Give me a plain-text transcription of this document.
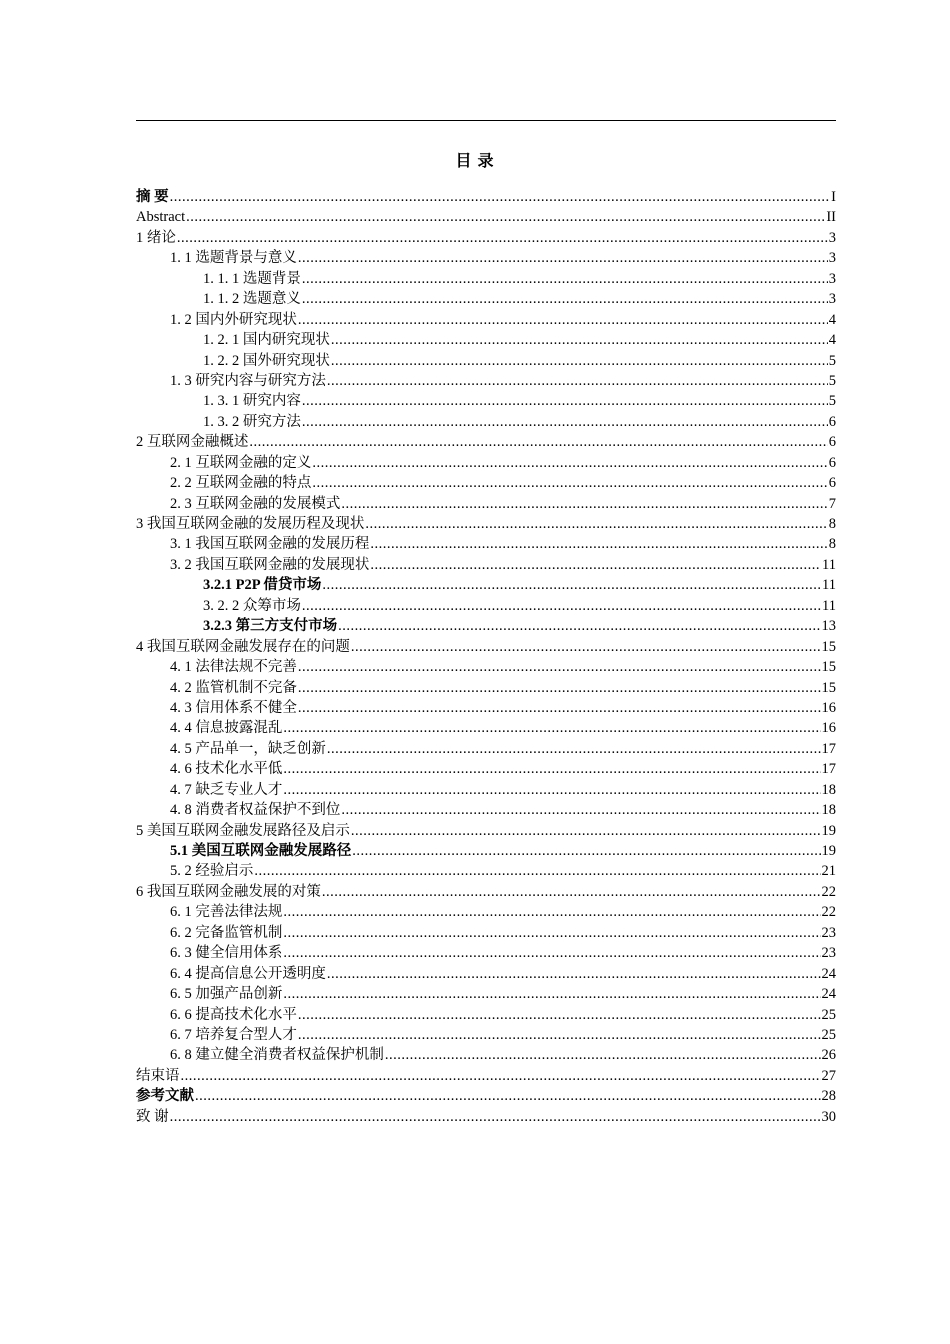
目 录
摘 要 .....	I
Abstract .....	II
1 绪论 .....	3
1. 1 选题背景与意义 .....	3
1. 1. 1 选题背景 .....	3
1. 1. 2 选题意义 .....	3
1. 2 国内外研究现状 .....	4
1. 2. 1 国内研究现状 .....	4
1. 2. 2 国外研究现状 .....	5
1. 3 研究内容与研究方法 .....	5
1. 3. 1 研究内容 .....	5
1. 3. 2 研究方法 .....	6
2 互联网金融概述 .....	6
2. 1 互联网金融的定义 .....	6
2. 2 互联网金融的特点 .....	6
2. 3 互联网金融的发展模式 .....	7
3 我国互联网金融的发展历程及现状 .....	8
3. 1 我国互联网金融的发展历程 .....	8
3. 2 我国互联网金融的发展现状 .....	11
3.2.1 P2P 借贷市场 .....	11
3. 2. 2 众筹市场 .....	11
3.2.3 第三方支付市场 .....	13
4 我国互联网金融发展存在的问题 .....	15
4. 1 法律法规不完善 .....	15
4. 2 监管机制不完备 .....	15
4. 3 信用体系不健全 .....	16
4. 4 信息披露混乱 .....	16
4. 5 产品单一，缺乏创新 .....	17
4. 6 技术化水平低 .....	17
4. 7 缺乏专业人才 .....	18
4. 8 消费者权益保护不到位 .....	18
5 美国互联网金融发展路径及启示 .....	19
5.1 美国互联网金融发展路径 .....	19
5. 2 经验启示 .....	21
6 我国互联网金融发展的对策 .....	22
6. 1 完善法律法规 .....	22
6. 2 完备监管机制 .....	23
6. 3 健全信用体系 .....	23
6. 4 提高信息公开透明度 .....	24
6. 5 加强产品创新 .....	24
6. 6 提高技术化水平 .....	25
6. 7 培养复合型人才 .....	25
6. 8 建立健全消费者权益保护机制 .....	26
结束语 .....	27
参考文献 .....	28
致 谢 .....	30
